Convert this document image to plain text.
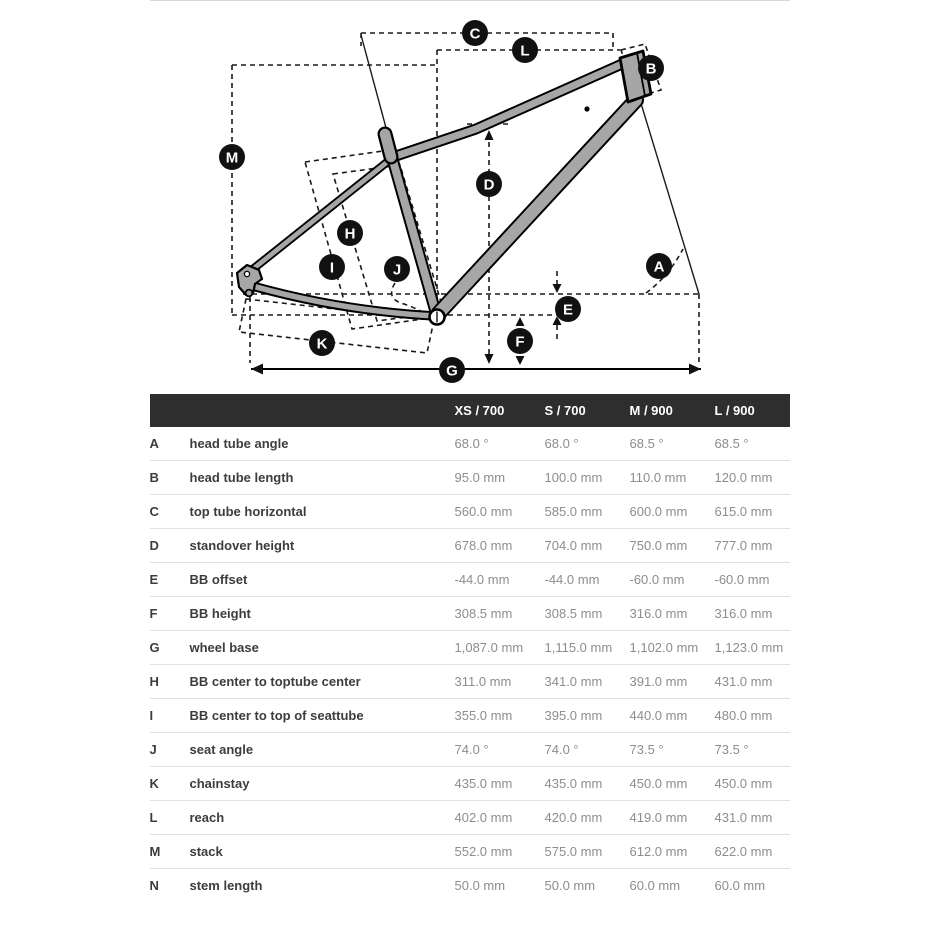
C
L
B
M
D
H
I	J	A
E
F
K
G
		XS / 700	S / 700	M / 900	L / 900
A	head tube angle	68.0 °	68.0 °	68.5 °	68.5 °
B	head tube length	95.0 mm	100.0 mm	110.0 mm	120.0 mm
C	top tube horizontal	560.0 mm	585.0 mm	600.0 mm	615.0 mm
D	standover height	678.0 mm	704.0 mm	750.0 mm	777.0 mm
E	BB offset	-44.0 mm	-44.0 mm	-60.0 mm	-60.0 mm
F	BB height	308.5 mm	308.5 mm	316.0 mm	316.0 mm
G	wheel base	1,087.0 mm	1,115.0 mm	1,102.0 mm	1,123.0 mm
H	BB center to toptube center	311.0 mm	341.0 mm	391.0 mm	431.0 mm
I	BB center to top of seattube	355.0 mm	395.0 mm	440.0 mm	480.0 mm
J	seat angle	74.0 °	74.0 °	73.5 °	73.5 °
K	chainstay	435.0 mm	435.0 mm	450.0 mm	450.0 mm
L	reach	402.0 mm	420.0 mm	419.0 mm	431.0 mm
M	stack	552.0 mm	575.0 mm	612.0 mm	622.0 mm
N	stem length	50.0 mm	50.0 mm	60.0 mm	60.0 mm
